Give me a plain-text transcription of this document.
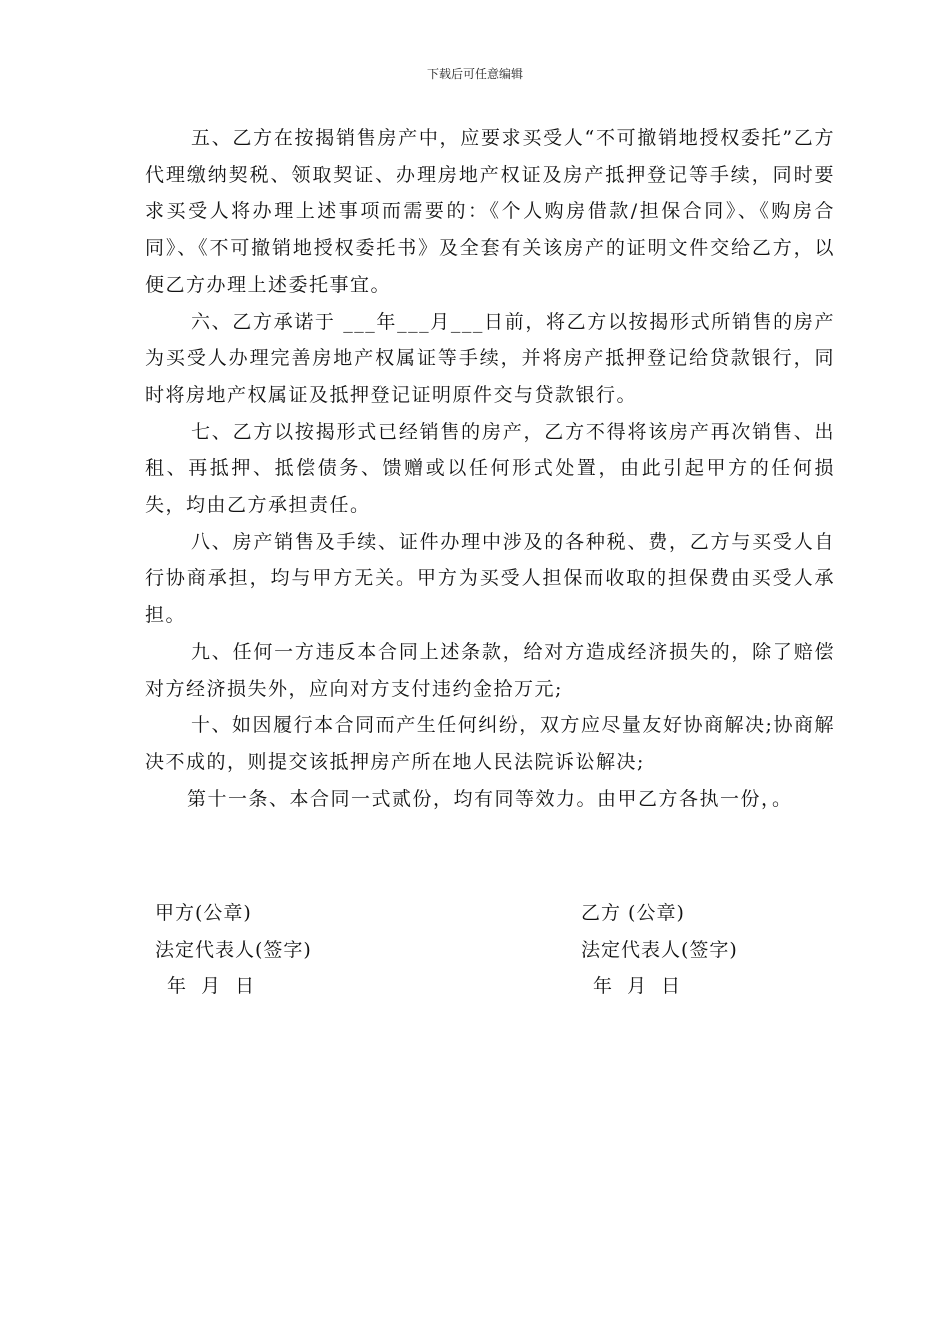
下载后可任意编辑

五、乙方在按揭销售房产中，应要求买受人“不可撤销地授权委托”乙方代理缴纳契税、领取契证、办理房地产权证及房产抵押登记等手续，同时要求买受人将办理上述事项而需要的：《个人购房借款/担保合同》、《购房合同》、《不可撤销地授权委托书》及全套有关该房产的证明文件交给乙方，以便乙方办理上述委托事宜。

六、乙方承诺于 ___年___月___日前，将乙方以按揭形式所销售的房产为买受人办理完善房地产权属证等手续，并将房产抵押登记给贷款银行，同时将房地产权属证及抵押登记证明原件交与贷款银行。

七、乙方以按揭形式已经销售的房产，乙方不得将该房产再次销售、出租、再抵押、抵偿债务、馈赠或以任何形式处置，由此引起甲方的任何损失，均由乙方承担责任。

八、房产销售及手续、证件办理中涉及的各种税、费，乙方与买受人自行协商承担，均与甲方无关。甲方为买受人担保而收取的担保费由买受人承担。

九、任何一方违反本合同上述条款，给对方造成经济损失的，除了赔偿对方经济损失外，应向对方支付违约金拾万元;

十、如因履行本合同而产生任何纠纷，双方应尽量友好协商解决;协商解决不成的，则提交该抵押房产所在地人民法院诉讼解决;

第十一条、本合同一式贰份，均有同等效力。由甲乙方各执一份，。

甲方(公章)
法定代表人(签字)
年  月  日
乙方 (公章)
法定代表人(签字)
年  月  日
